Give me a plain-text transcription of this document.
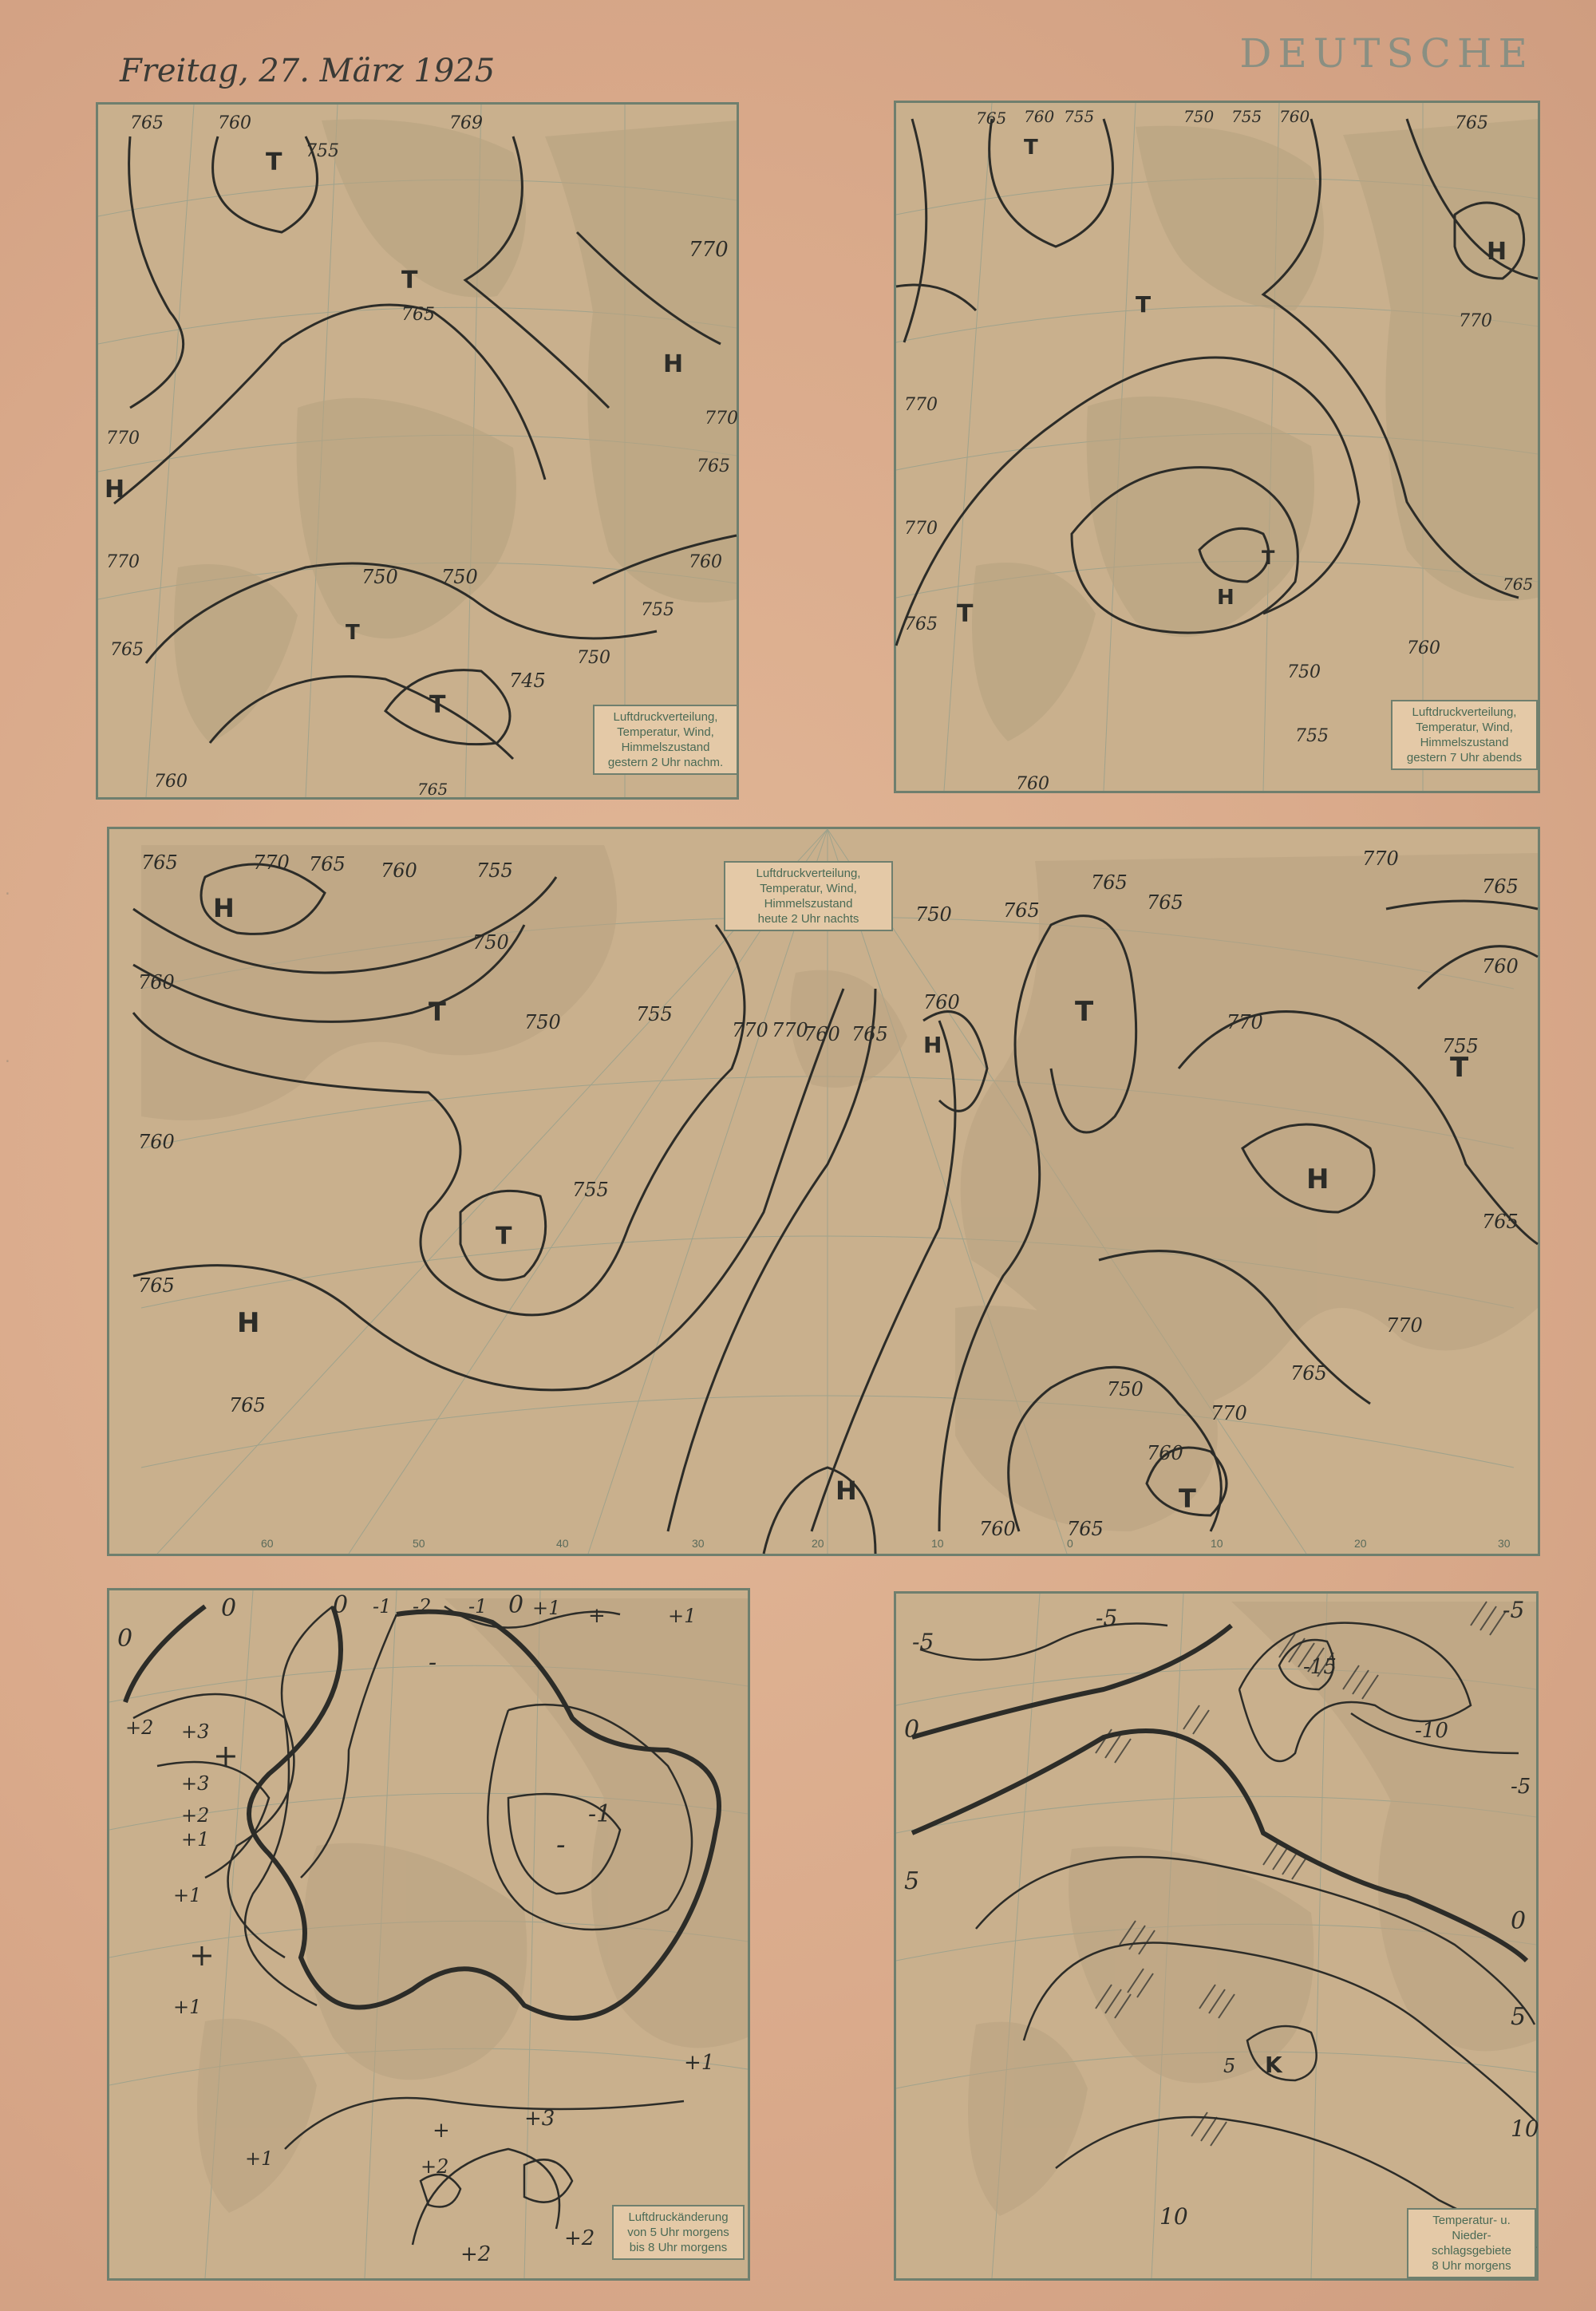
DEUTSCHE
Freitag, 27. März 1925
·
·
765	760
755
769
770
770
765
760
755
750
750
745
750
765
770
770
765
760	765
T
T
T
T
H
H
Luftdruckverteilung,
Temperatur, Wind,
Himmelszustand
gestern 2 Uhr nachm.
765 760 755	750 755 760	765
770
770
770
765
760
755
750
760
765
T
T
H
H
T
T
Luftdruckverteilung,
Temperatur, Wind,
Himmelszustand
gestern 7 Uhr abends
765	770 765 760	755
760
750
750	755
760
765
770
765
755
770
760 765
760
750	765
765
765
770
770
765
760
755
765
770
765
770
760
750
765
760
H
T
H
T
H
T
H
T
H
T
60	50	40	30	20	10	0	10	20	30
Luftdruckverteilung,
Temperatur, Wind,
Himmelszustand
heute 2 Uhr nachts
0
0
-1 -2 -1
0	0 +1 +	+1
+2 +3
+
+3
+2
+1
+1
+
+1
-
-1
-
+1
+3
+
+2
+1
+2
+2
Luftdruckänderung
von 5 Uhr morgens
bis 8 Uhr morgens
-5
-5
-15
-10
-5
0
5
0
5
5 K
10
10
-5
Temperatur- u. Nieder-
schlagsgebiete
8 Uhr morgens
